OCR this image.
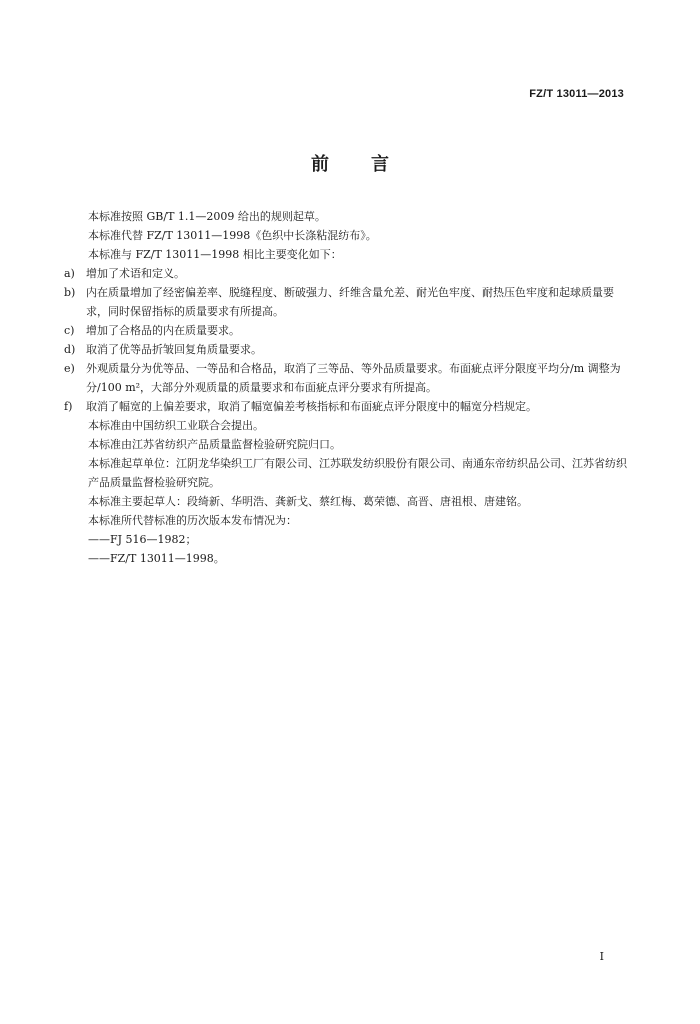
FZ/T 13011—2013
前言

本标准按照 GB/T 1.1—2009 给出的规则起草。

本标准代替 FZ/T 13011—1998《色织中长涤粘混纺布》。

本标准与 FZ/T 13011—1998 相比主要变化如下：

a)	增加了术语和定义。
b) 内在质量增加了经密偏差率、脱缝程度、断破强力、纤维含量允差、耐光色牢度、耐热压色牢度和起球质量要求，同时保留指标的质量要求有所提高。
c)	增加了合格品的内在质量要求。
d) 取消了优等品折皱回复角质量要求。
e)	外观质量分为优等品、一等品和合格品，取消了三等品、等外品质量要求。布面疵点评分限度平均分/m 调整为分/100 m²，大部分外观质量的质量要求和布面疵点评分要求有所提高。
f)	取消了幅宽的上偏差要求，取消了幅宽偏差考核指标和布面疵点评分限度中的幅宽分档规定。

本标准由中国纺织工业联合会提出。

本标准由江苏省纺织产品质量监督检验研究院归口。

本标准起草单位：江阴龙华染织工厂有限公司、江苏联发纺织股份有限公司、南通东帝纺织品公司、江苏省纺织产品质量监督检验研究院。

本标准主要起草人：段绮新、华明浩、龚新戈、蔡红梅、葛荣德、高晋、唐祖根、唐建铭。

本标准所代替标准的历次版本发布情况为：

——FJ 516—1982；

——FZ/T 13011—1998。

I
